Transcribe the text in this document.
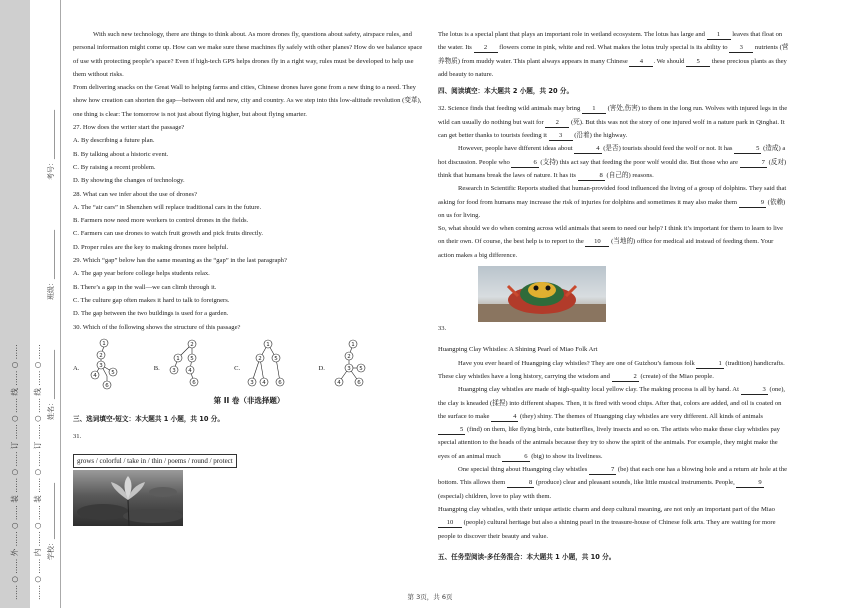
…… ○ …… 外 …… ○ …… 装 …… ○ …… 订 …… ○ …… 线 …… ○ …… …… ○ …… 内 …… ○ …… 装 …… ○ …… 订 …… ○ …… 线 …… ○ …… 学校：________________
姓名：______________
班级：______________
考号：______________

With such new technology, there are things to think about. As more drones fly, questions about safety, airspace rules, and personal information might come up. How can we make sure these machines fly safely with other planes? How do we balance space of use with protecting people’s space? Even if high-tech GPS helps drones fly in a right way, rules must be developed to help use them without risks.

From delivering snacks on the Great Wall to helping farms and cities, Chinese drones have gone from a new thing to a need. They show how creation can shorten the gap—between old and new, city and country. As we step into this low-altitude revolution (变革), one thing is clear: The tomorrow is not just about flying higher, but about flying smarter.

27. How does the writer start the passage?

A. By describing a future plan.

B. By talking about a historic event.

C. By raising a recent problem.

D. By showing the changes of technology.

28. What can we infer about the use of drones?

A. The “air cars” in Shenzhen will replace traditional cars in the future.

B. Farmers now need more workers to control drones in the fields.

C. Farmers can use drones to watch fruit growth and pick fruits directly.

D. Proper rules are the key to making drones more helpful.

29. Which “gap” below has the same meaning as the “gap” in the last paragraph?

A. The gap year before college helps students relax.

B. There’s a gap in the wall—we can climb through it.

C. The culture gap often makes it hard to talk to foreigners.

D. The gap between the two buildings is used for a garden.

30. Which of the following shows the structure of this passage?

A.
1
2
3
4	5
6
B.
2
1 5
3 4
6
C.
1
2 5
3 4 6
D.
1
2
3 5
4	6

第 II 卷（非选择题）

三、选词填空-短文：本大题共 1 小题，共 10 分。

31.

grows / colorful / take in / thin / poems / round / protect

The lotus is a special plant that plays an important role in wetland ecosystem. The lotus has large and 1 leaves that float on the water. Its 2 flowers come in pink, white and red. What makes the lotus truly special is its ability to 3 nutrients (营养物质) from muddy water. This plant always appears in many Chinese 4 . We should 5 these precious plants as they add beauty to nature.

四、阅读填空：本大题共 2 小题，共 20 分。

32. Science finds that feeding wild animals may bring 1 (害处,伤害) to them in the long run. Wolves with injured legs in the wild can usually do nothing but wait for 2 (死). But this was not the story of one injured wolf in a nature park in Qinghai. It can get better thanks to tourists feeding it 3 (沿着) the highway.

However, people have different ideas about	4 (是否) tourists should feed the wolf or not. It has	5 (造成) a hot discussion. People who	6 (支持) this act say that feeding the poor wolf would die. But those who are	7 (反对) think that humans break the laws of nature. It has its	8 (自己的) reasons.

Research in Scientific Reports studied that human-provided food influenced the living of a group of dolphins. They said that asking for food from humans may increase the risk of injuries for dolphins and sometimes it may also make them	9 (依赖) on us for living.

So, what should we do when coming across wild animals that seem to need our help? I think it’s important for them to learn to live on their own. Of course, the best help is to report to the 10 (当地的) office for medical aid instead of feeding them. Your action makes a big difference.

33.

Huangping Clay Whistles: A Shining Pearl of Miao Folk Art

Have you ever heard of Huangping clay whistles? They are one of Guizhou’s famous folk	1 (tradition) handicrafts. These clay whistles have a long history, carrying the wisdom and	2 (create) of the Miao people.

Huangping clay whistles are made of high-quality local yellow clay. The making process is all by hand. At	3 (one), the clay is kneaded (揉捏) into different shapes. Then, it is fired with wood chips. After that, colors are added, and oil is coated on the surface to make	4 (they) shiny. The themes of Huangping clay whistles are very different. All kinds of animals 5 (find) on them, like flying birds, cute butterflies, lively insects and so on. The artists who make these clay whistles pay special attention to the heads of the animals because they try to show the spirit of the animals. For example, they might make the eyes of an animal much	6 (big) to show its liveliness.

One special thing about Huangping clay whistles	7 (be) that each one has a blowing hole and a return air hole at the bottom. This allows them	8 (produce) clear and pleasant sounds, like little musical instruments. People,	9 (especial) children, love to play with them.

Huangping clay whistles, with their unique artistic charm and deep cultural meaning, are not only an important part of the Miao 10 (people) cultural heritage but also a shining pearl in the treasure-house of Chinese folk arts. They are waiting for more people to discover their beauty and value.

五、任务型阅读-多任务混合：本大题共 1 小题，共 10 分。

第 3页，共 6页
